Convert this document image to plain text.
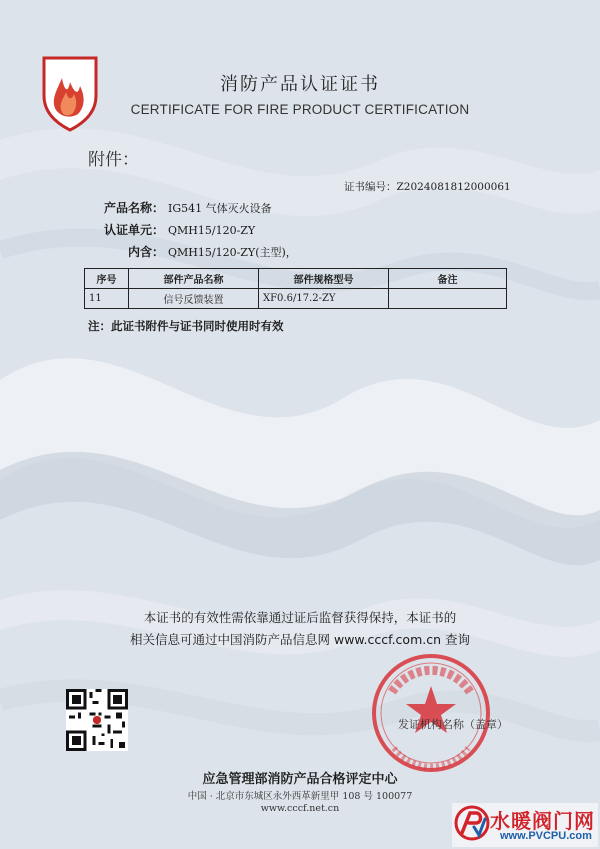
消防产品认证证书
CERTIFICATE FOR FIRE PRODUCT CERTIFICATION
附件：
证书编号：Z2024081812000061
产品名称： IG541 气体灭火设备
认证单元： QMH15/120-ZY
内含： QMH15/120-ZY(主型)，
序号	部件产品名称	部件规格型号	备注
11	信号反馈装置	XF0.6/17.2-ZY	
注：此证书附件与证书同时使用时有效
本证书的有效性需依靠通过证后监督获得保持，本证书的
相关信息可通过中国消防产品信息网 www.cccf.com.cn 查询
发证机构名称（盖章）
应急管理部消防产品合格评定中心
中国 · 北京市东城区永外西革新里甲 108 号 100077
www.cccf.net.cn
水暖阀门网
www.PVCPU.com
